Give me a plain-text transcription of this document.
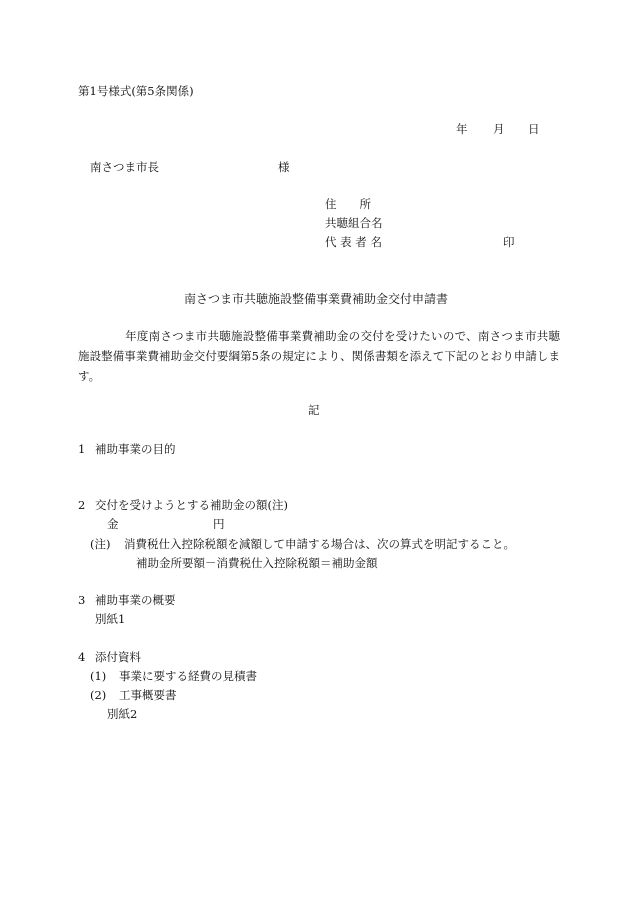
第1号様式(第5条関係)
年 月 日
南さつま市長	様
住　　所
共聴組合名
代 表 者 名	印
南さつま市共聴施設整備事業費補助金交付申請書
　　　　年度南さつま市共聴施設整備事業費補助金の交付を受けたいので、南さつま市共聴施設整備事業費補助金交付要綱第5条の規定により、関係書類を添えて下記のとおり申請します。
記
1 補助事業の目的
2 交付を受けようとする補助金の額(注)
金	円
(注) 消費税仕入控除税額を減額して申請する場合は、次の算式を明記すること。
補助金所要額－消費税仕入控除税額＝補助金額
3 補助事業の概要
別紙1
4 添付資料
(1) 事業に要する経費の見積書
(2) 工事概要書
別紙2
